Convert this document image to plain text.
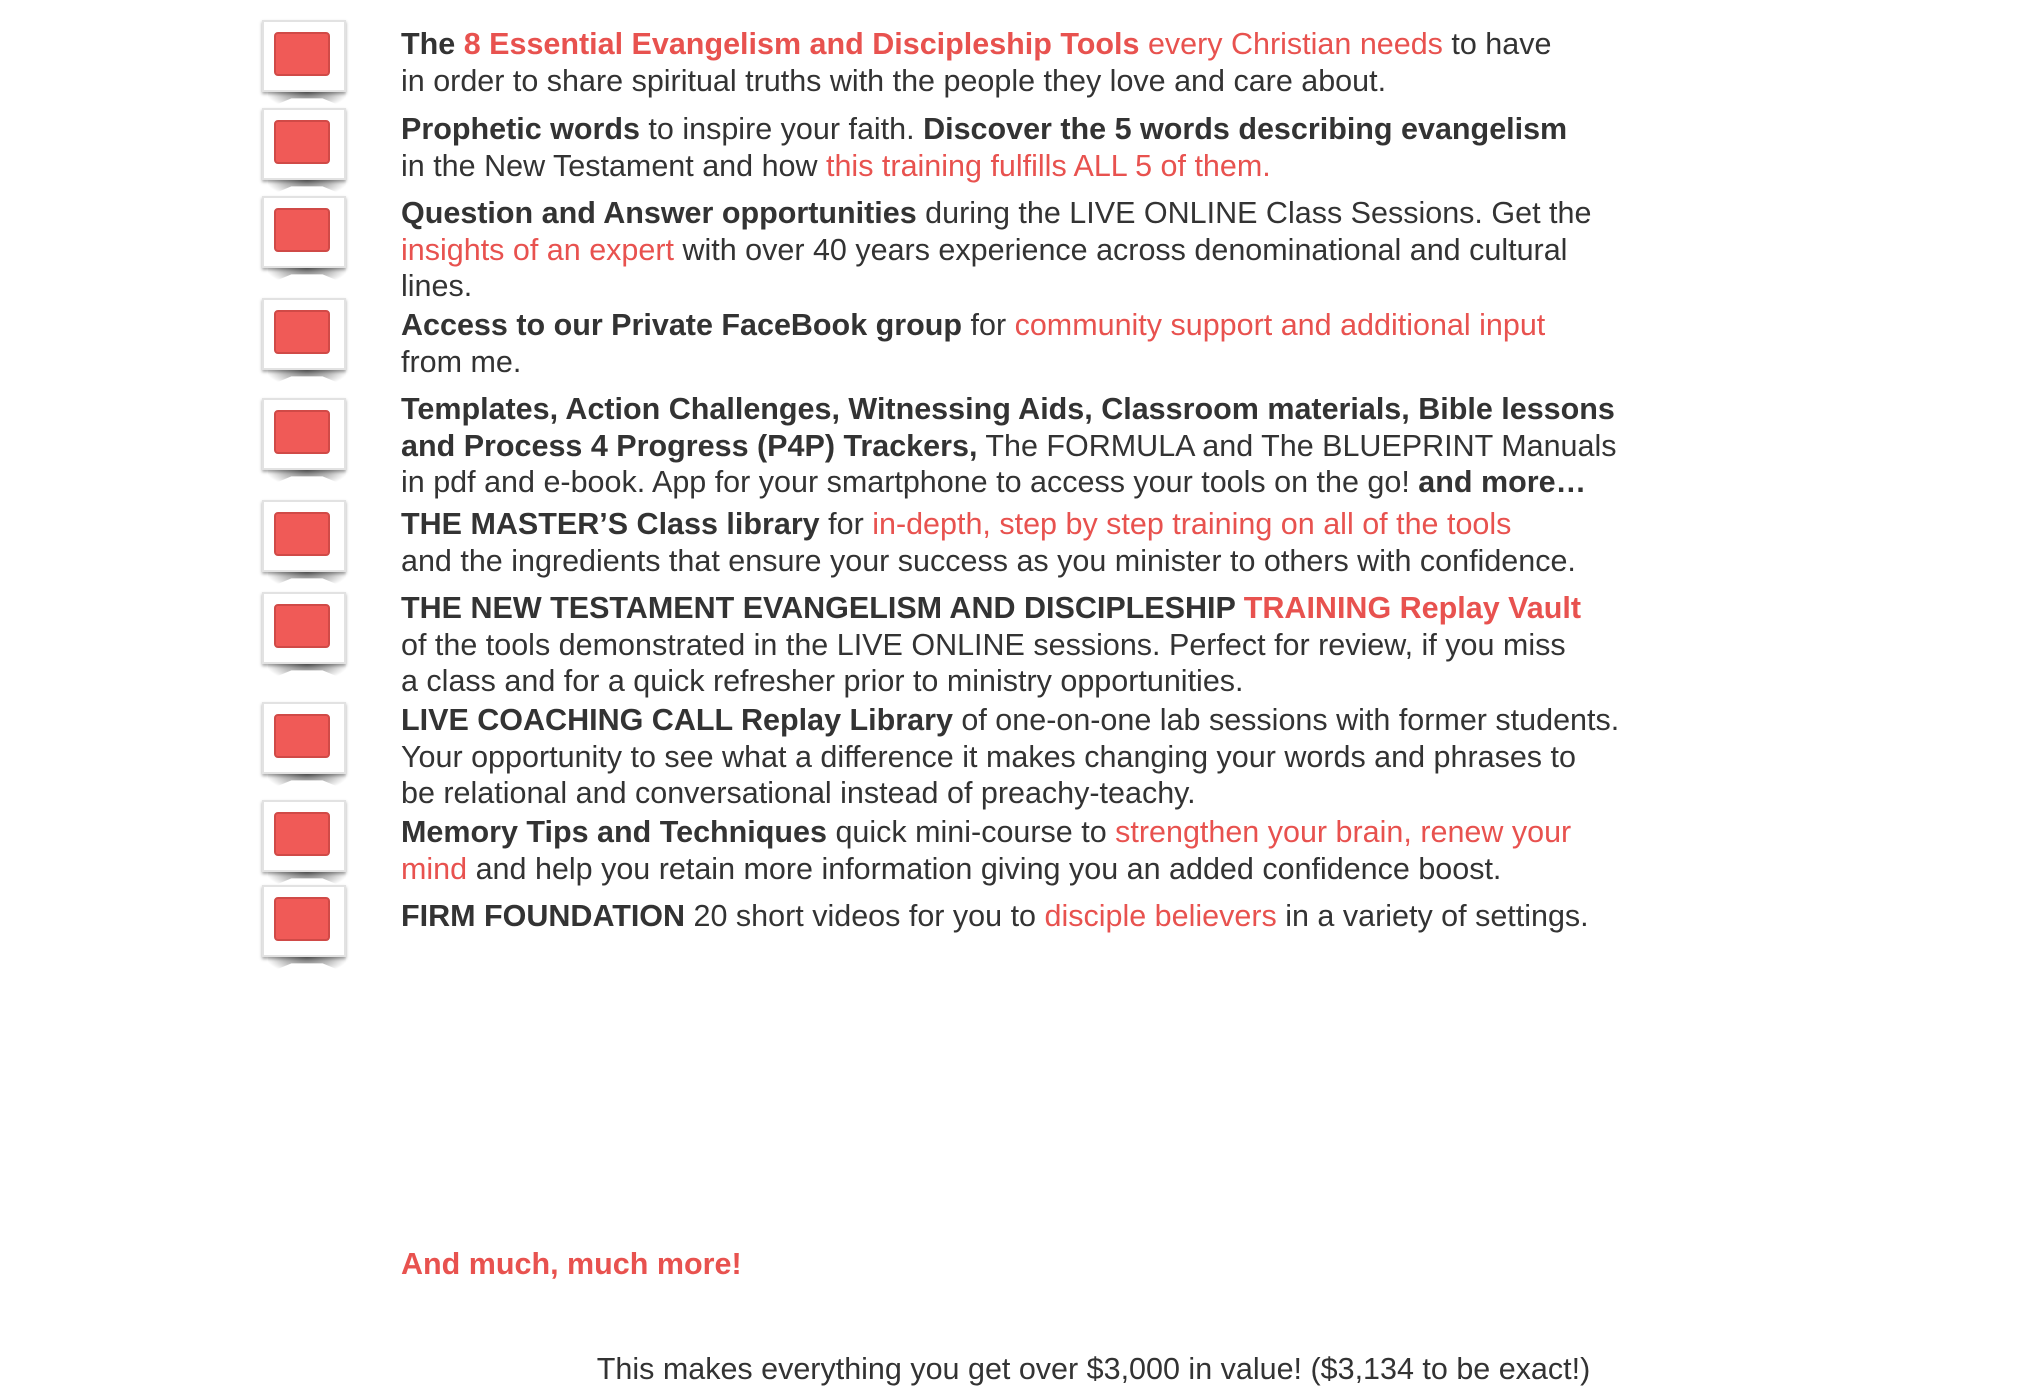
The 8 Essential Evangelism and Discipleship Tools every Christian needs to have
in order to share spiritual truths with the people they love and care about.
Prophetic words to inspire your faith. Discover the 5 words describing evangelism
in the New Testament and how this training fulfills ALL 5 of them.
Question and Answer opportunities during the LIVE ONLINE Class Sessions. Get the
insights of an expert with over 40 years experience across denominational and cultural
lines.
Access to our Private FaceBook group for community support and additional input
from me.
Templates, Action Challenges, Witnessing Aids, Classroom materials, Bible lessons
and Process 4 Progress (P4P) Trackers, The FORMULA and The BLUEPRINT Manuals
in pdf and e-book. App for your smartphone to access your tools on the go! and more…
THE MASTER’S Class library for in-depth, step by step training on all of the tools
and the ingredients that ensure your success as you minister to others with confidence.
THE NEW TESTAMENT EVANGELISM AND DISCIPLESHIP TRAINING Replay Vault
of the tools demonstrated in the LIVE ONLINE sessions. Perfect for review, if you miss
a class and for a quick refresher prior to ministry opportunities.
LIVE COACHING CALL Replay Library of one-on-one lab sessions with former students.
Your opportunity to see what a difference it makes changing your words and phrases to
be relational and conversational instead of preachy-teachy.
Memory Tips and Techniques quick mini-course to strengthen your brain, renew your
mind and help you retain more information giving you an added confidence boost.
FIRM FOUNDATION 20 short videos for you to disciple believers in a variety of settings.
And much, much more!
This makes everything you get over $3,000 in value! ($3,134 to be exact!)
